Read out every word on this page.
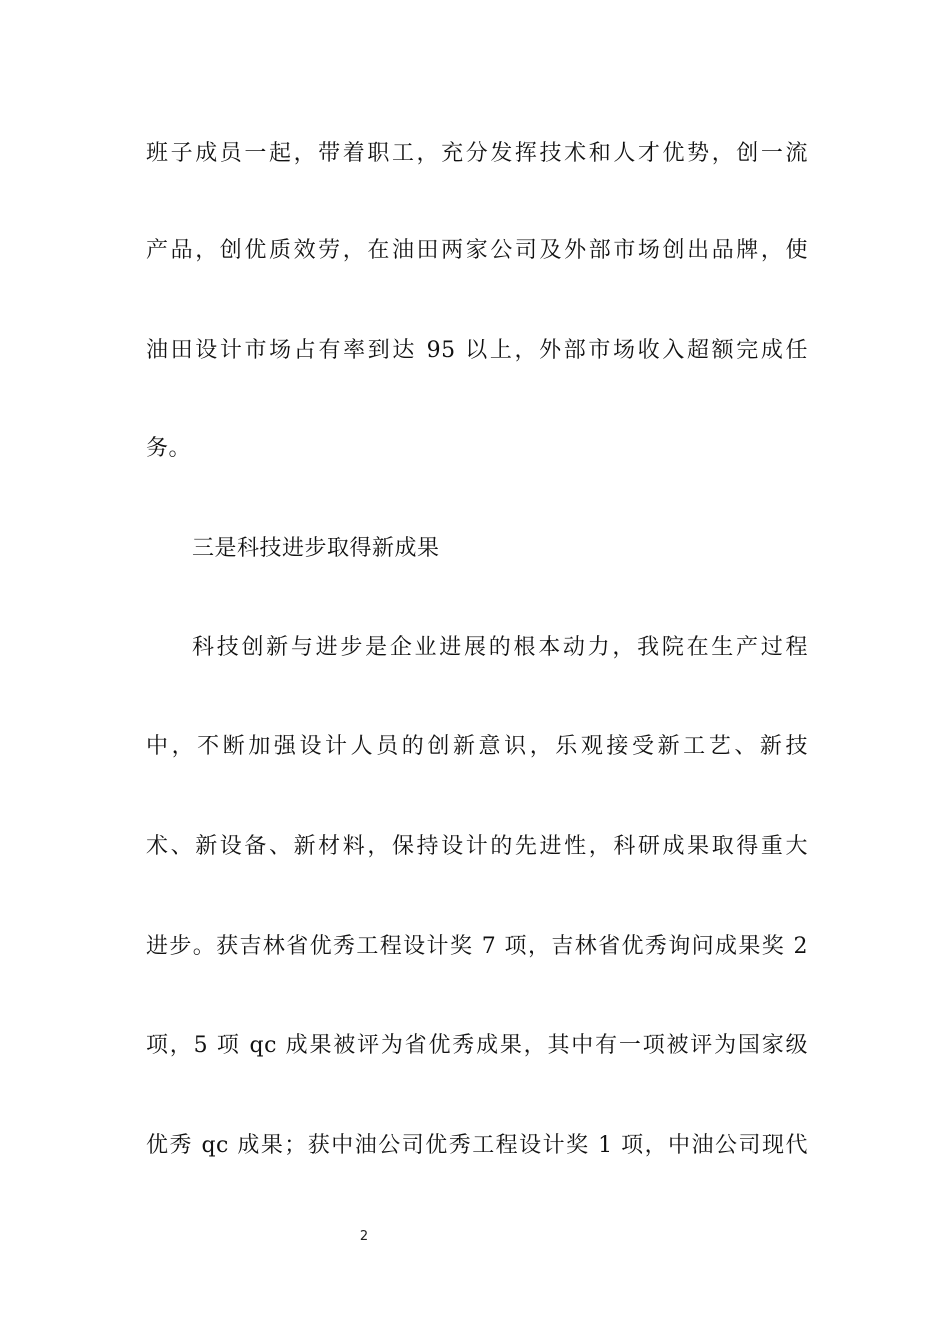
班子成员一起，带着职工，充分发挥技术和人才优势，创一流
产品，创优质效劳，在油田两家公司及外部市场创出品牌，使
油田设计市场占有率到达 95 以上，外部市场收入超额完成任
务。
三是科技进步取得新成果
科技创新与进步是企业进展的根本动力，我院在生产过程
中，不断加强设计人员的创新意识，乐观接受新工艺、新技
术、新设备、新材料，保持设计的先进性，科研成果取得重大
进步。获吉林省优秀工程设计奖 7 项，吉林省优秀询问成果奖 2
项，5 项 qc 成果被评为省优秀成果，其中有一项被评为国家级
优秀 qc 成果；获中油公司优秀工程设计奖 1 项，中油公司现代
2
